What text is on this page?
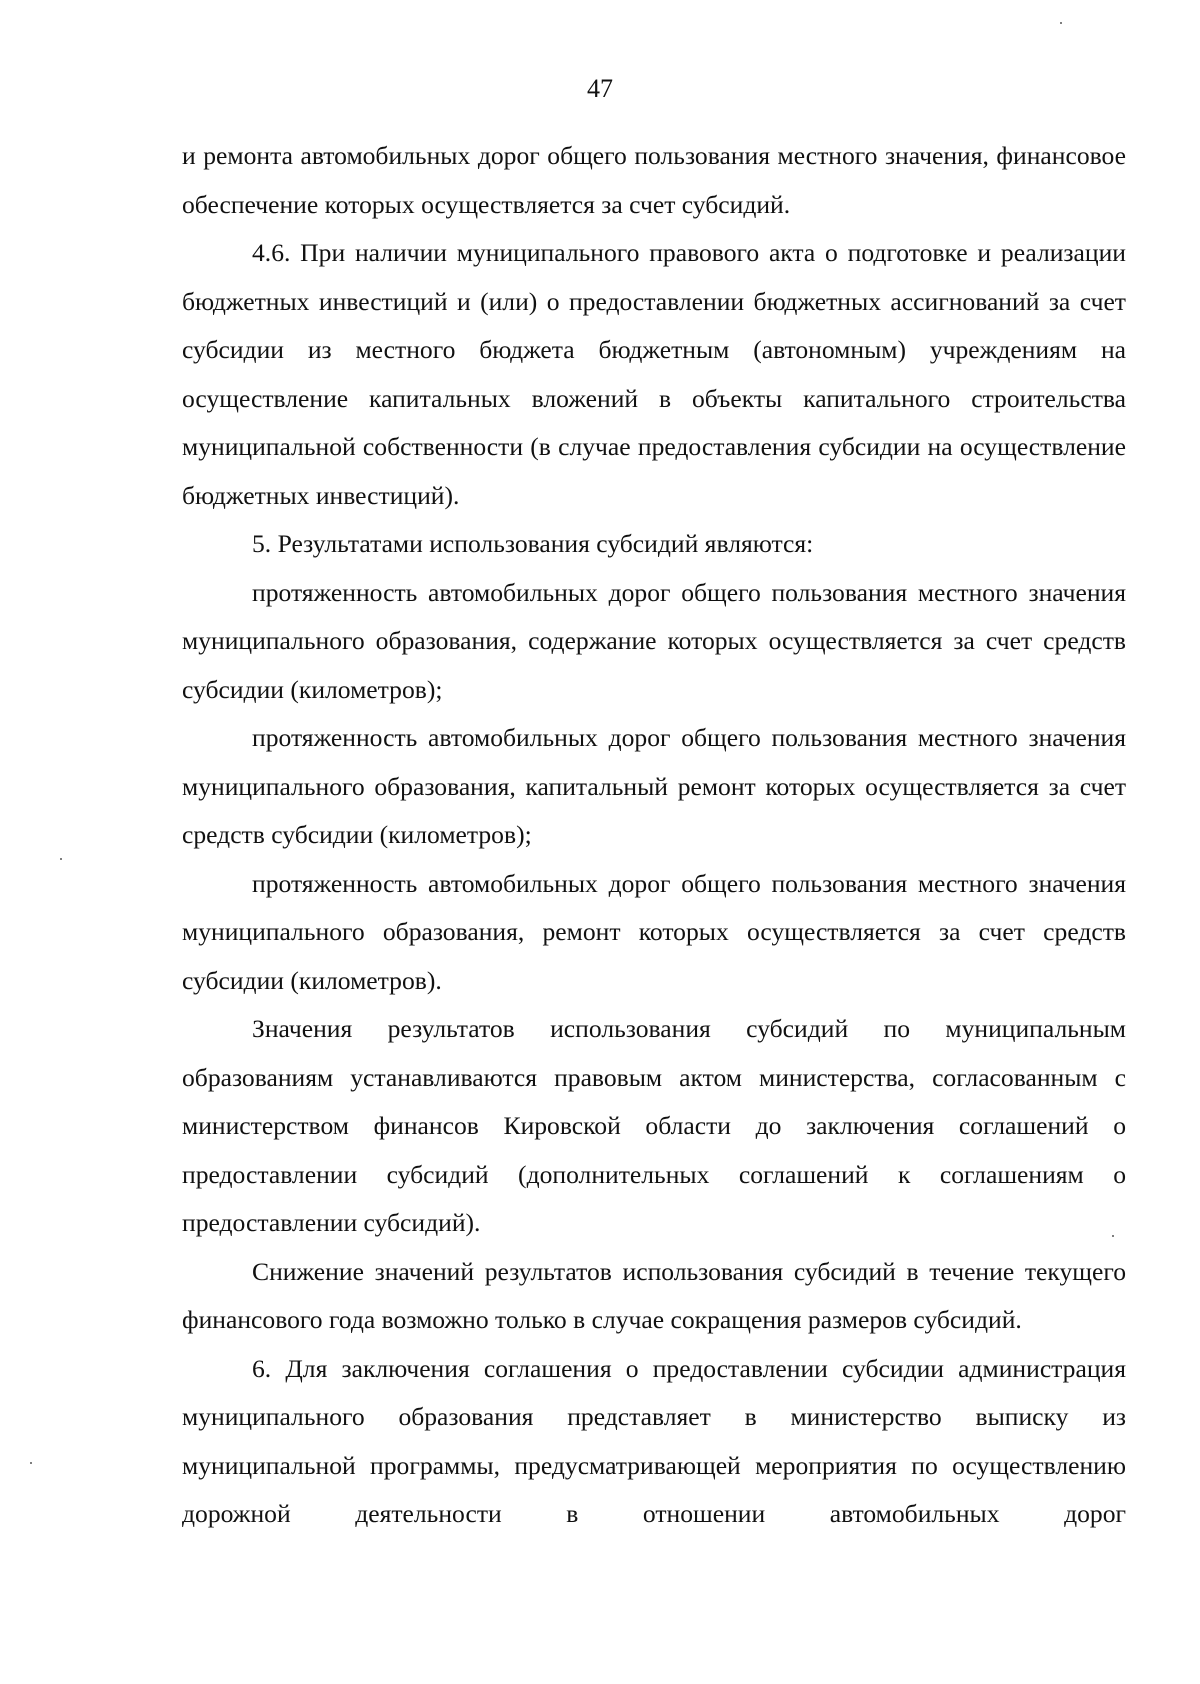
47

и ремонта автомобильных дорог общего пользования местного значения, финансовое обеспечение которых осуществляется за счет субсидий.

4.6. При наличии муниципального правового акта о подготовке и реализации бюджетных инвестиций и (или) о предоставлении бюджетных ассигнований за счет субсидии из местного бюджета бюджетным (автономным) учреждениям на осуществление капитальных вложений в объекты капитального строительства муниципальной собственности (в случае предоставления субсидии на осуществление бюджетных инвестиций).

5. Результатами использования субсидий являются:

протяженность автомобильных дорог общего пользования местного значения муниципального образования, содержание которых осуществляется за счет средств субсидии (километров);

протяженность автомобильных дорог общего пользования местного значения муниципального образования, капитальный ремонт которых осуществляется за счет средств субсидии (километров);

протяженность автомобильных дорог общего пользования местного значения муниципального образования, ремонт которых осуществляется за счет средств субсидии (километров).

Значения результатов использования субсидий по муниципальным образованиям устанавливаются правовым актом министерства, согласованным с министерством финансов Кировской области до заключения соглашений о предоставлении субсидий (дополнительных соглашений к соглашениям о предоставлении субсидий).

Снижение значений результатов использования субсидий в течение текущего финансового года возможно только в случае сокращения размеров субсидий.

6. Для заключения соглашения о предоставлении субсидии администрация муниципального образования представляет в министерство выписку из муниципальной программы, предусматривающей мероприятия по осуществлению дорожной деятельности в отношении автомобильных дорог
